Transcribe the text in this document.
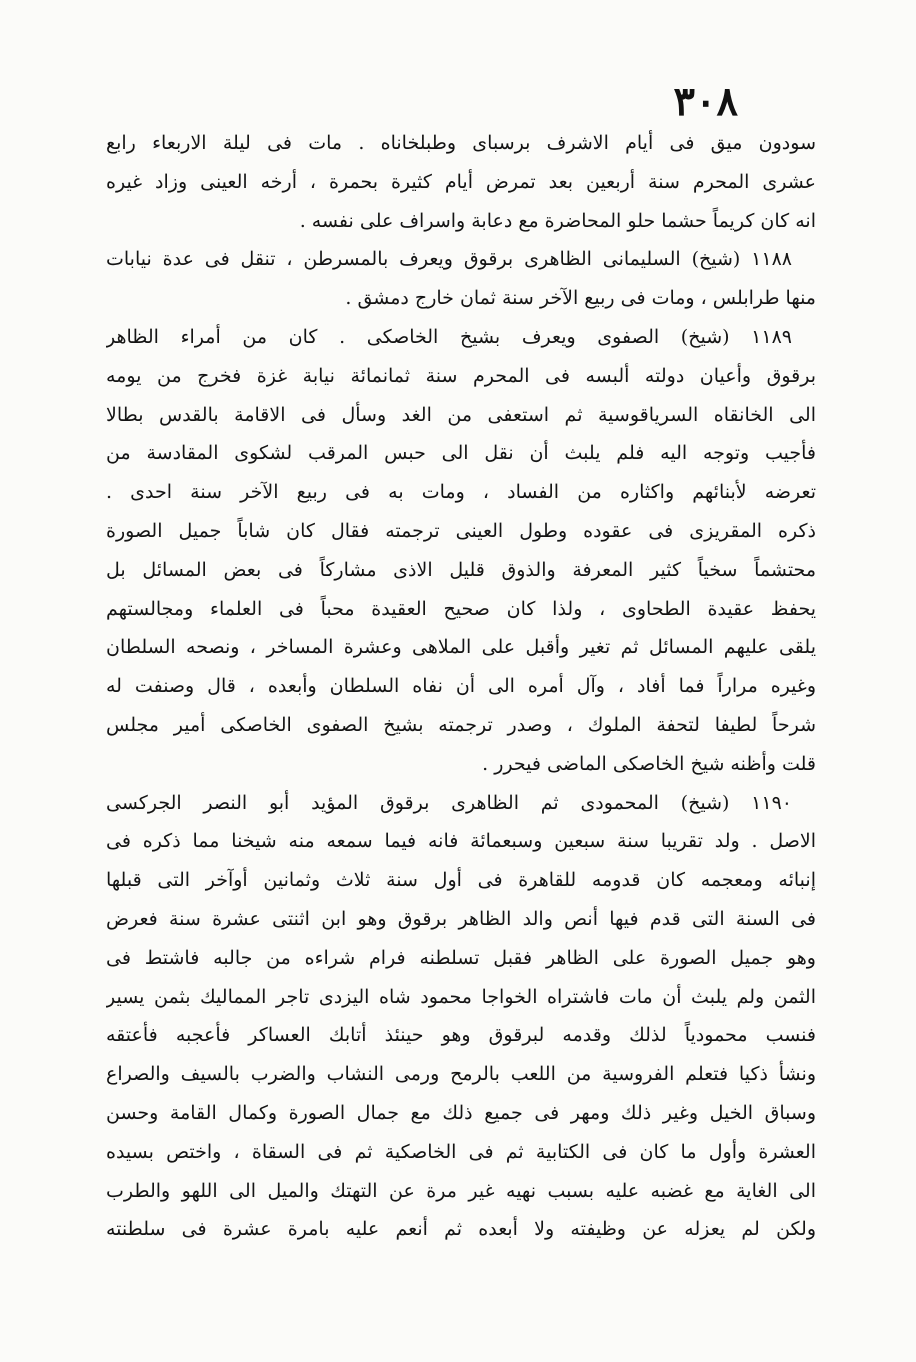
٣٠٨
سودون ميق فى أيام الاشرف برسباى وطبلخاناه . مات فى ليلة الاربعاء رابع
عشرى المحرم سنة أربعين بعد تمرض أيام كثيرة بحمرة ، أرخه العينى وزاد غيره
انه كان كريماً حشما حلو المحاضرة مع دعابة واسراف على نفسه .
١١٨٨ (شيخ) السليمانى الظاهرى برقوق ويعرف بالمسرطن ، تنقل فى عدة نيابات
منها طرابلس ، ومات فى ربيع الآخر سنة ثمان خارج دمشق .
١١٨٩ (شيخ) الصفوى ويعرف بشيخ الخاصكى . كان من أمراء الظاهر
برقوق وأعيان دولته ألبسه فى المحرم سنة ثمانمائة نيابة غزة فخرج من يومه
الى الخانقاه السرياقوسية ثم استعفى من الغد وسأل فى الاقامة بالقدس بطالا
فأجيب وتوجه اليه فلم يلبث أن نقل الى حبس المرقب لشكوى المقادسة من
تعرضه لأبنائهم واكثاره من الفساد ، ومات به فى ربيع الآخر سنة احدى .
ذكره المقريزى فى عقوده وطول العينى ترجمته فقال كان شاباً جميل الصورة
محتشماً سخياً كثير المعرفة والذوق قليل الاذى مشاركاً فى بعض المسائل بل
يحفظ عقيدة الطحاوى ، ولذا كان صحيح العقيدة محباً فى العلماء ومجالستهم
يلقى عليهم المسائل ثم تغير وأقبل على الملاهى وعشرة المساخر ، ونصحه السلطان
وغيره مراراً فما أفاد ، وآل أمره الى أن نفاه السلطان وأبعده ، قال وصنفت له
شرحاً لطيفا لتحفة الملوك ، وصدر ترجمته بشيخ الصفوى الخاصكى أمير مجلس
قلت وأظنه شيخ الخاصكى الماضى فيحرر .
١١٩٠ (شيخ) المحمودى ثم الظاهرى برقوق المؤيد أبو النصر الجركسى
الاصل . ولد تقريبا سنة سبعين وسبعمائة فانه فيما سمعه منه شيخنا مما ذكره فى
إنبائه ومعجمه كان قدومه للقاهرة فى أول سنة ثلاث وثمانين أوآخر التى قبلها
فى السنة التى قدم فيها أنص والد الظاهر برقوق وهو ابن اثنتى عشرة سنة فعرض
وهو جميل الصورة على الظاهر فقبل تسلطنه فرام شراءه من جالبه فاشتط فى
الثمن ولم يلبث أن مات فاشتراه الخواجا محمود شاه اليزدى تاجر المماليك بثمن يسير
فنسب محمودياً لذلك وقدمه لبرقوق وهو حينئذ أتابك العساكر فأعجبه فأعتقه
ونشأ ذكيا فتعلم الفروسية من اللعب بالرمح ورمى النشاب والضرب بالسيف والصراع
وسباق الخيل وغير ذلك ومهر فى جميع ذلك مع جمال الصورة وكمال القامة وحسن
العشرة وأول ما كان فى الكتابية ثم فى الخاصكية ثم فى السقاة ، واختص بسيده
الى الغاية مع غضبه عليه بسبب نهيه غير مرة عن التهتك والميل الى اللهو والطرب
ولكن لم يعزله عن وظيفته ولا أبعده ثم أنعم عليه بامرة عشرة فى سلطنته
